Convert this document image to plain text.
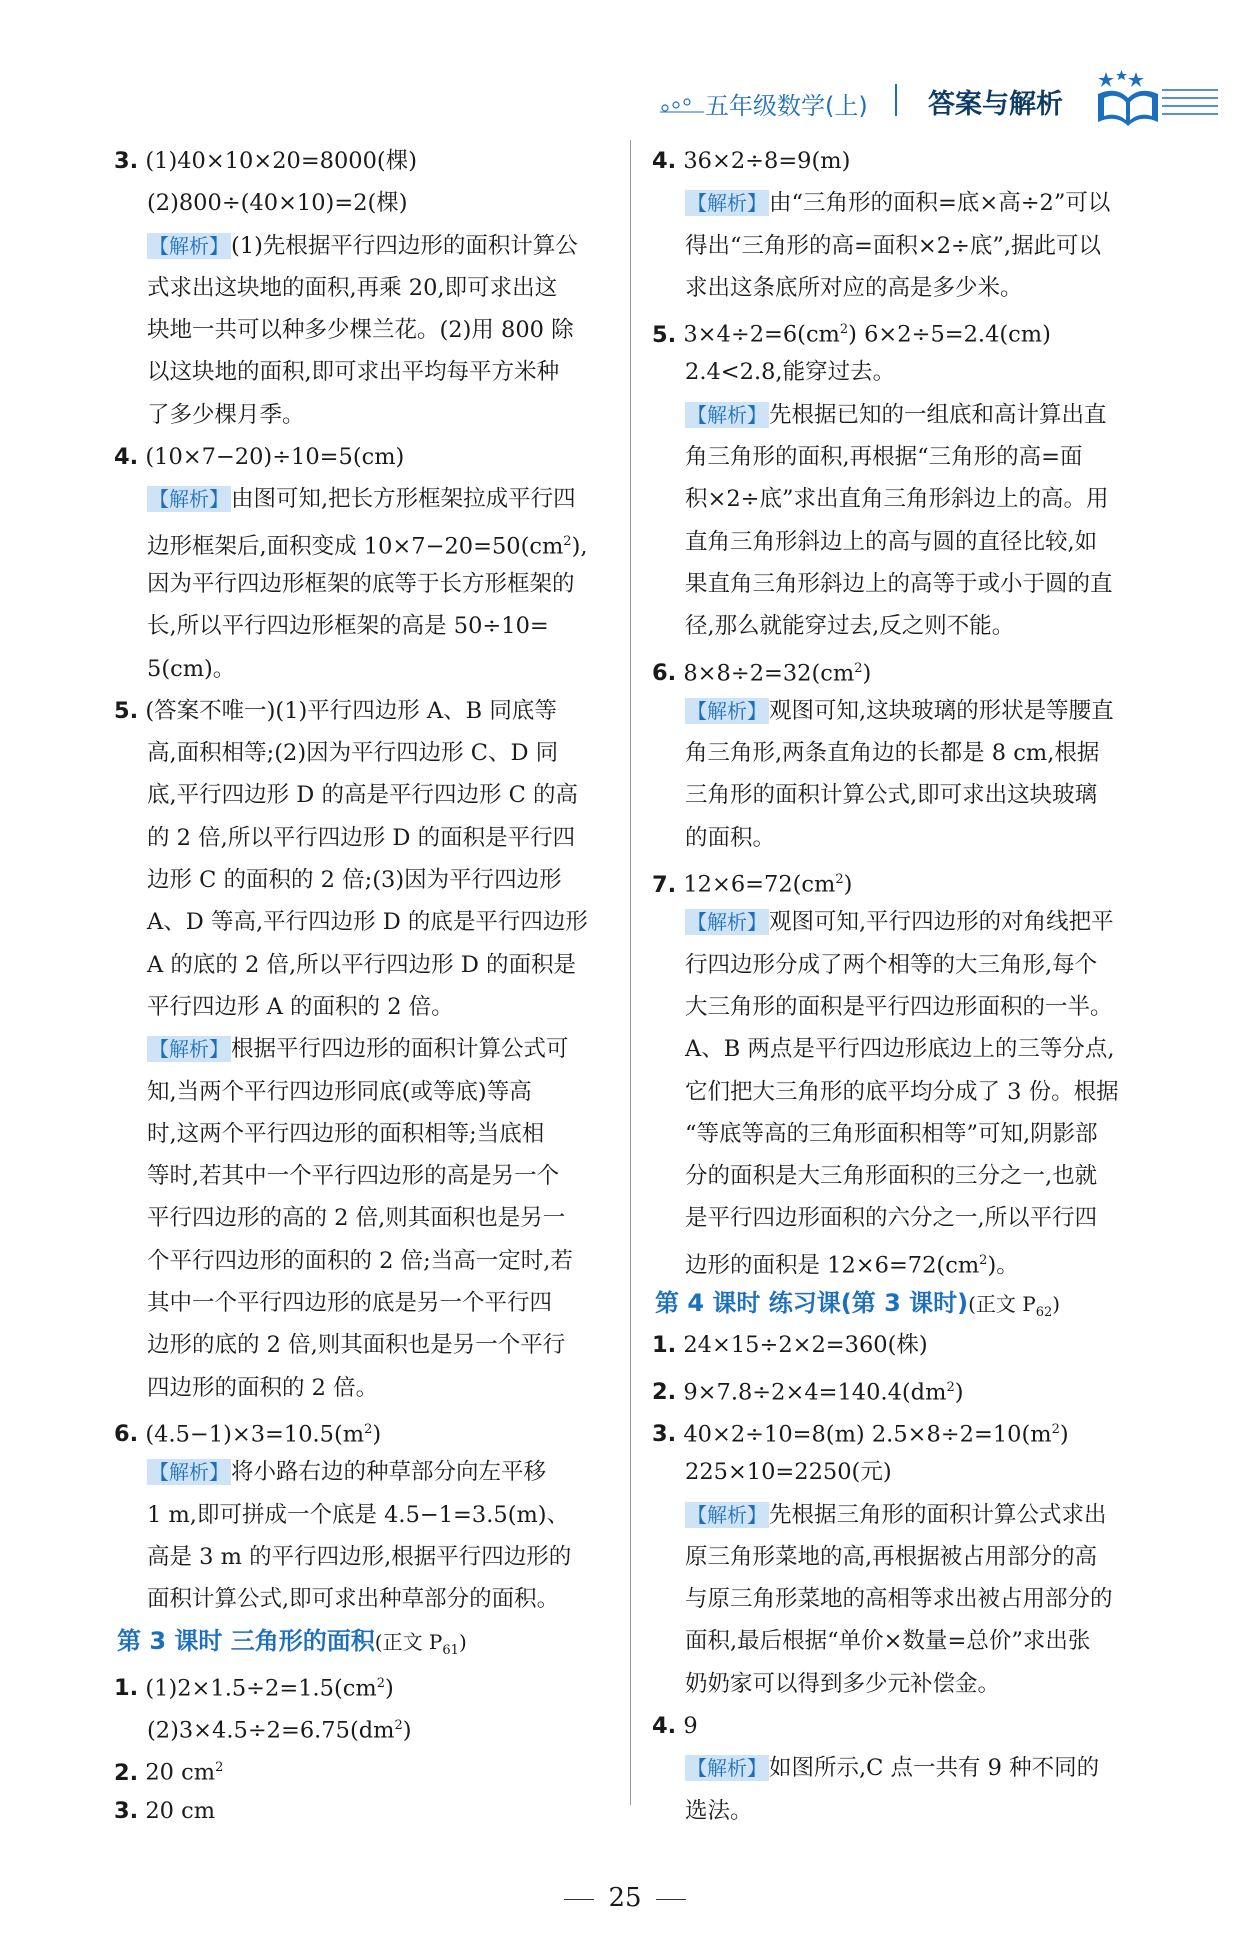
五年级数学(上) 答案与解析
3. (1)40×10×20=8000(棵)
(2)800÷(40×10)=2(棵)
【解析】(1)先根据平行四边形的面积计算公
式求出这块地的面积,再乘 20,即可求出这
块地一共可以种多少棵兰花。(2)用 800 除
以这块地的面积,即可求出平均每平方米种
了多少棵月季。
4. (10×7−20)÷10=5(cm)
【解析】由图可知,把长方形框架拉成平行四
边形框架后,面积变成 $10\times 7-20=50(cm^2)$,
因为平行四边形框架的底等于长方形框架的
长,所以平行四边形框架的高是 50÷10=
5(cm)。
5. (答案不唯一)(1)平行四边形 A、B 同底等
高,面积相等;(2)因为平行四边形 C、D 同
底,平行四边形 D 的高是平行四边形 C 的高
的 2 倍,所以平行四边形 D 的面积是平行四
边形 C 的面积的 2 倍;(3)因为平行四边形
A、D 等高,平行四边形 D 的底是平行四边形
A 的底的 2 倍,所以平行四边形 D 的面积是
平行四边形 A 的面积的 2 倍。
【解析】根据平行四边形的面积计算公式可
知,当两个平行四边形同底(或等底)等高
时,这两个平行四边形的面积相等;当底相
等时,若其中一个平行四边形的高是另一个
平行四边形的高的 2 倍,则其面积也是另一
个平行四边形的面积的 2 倍;当高一定时,若
其中一个平行四边形的底是另一个平行四
边形的底的 2 倍,则其面积也是另一个平行
四边形的面积的 2 倍。
6. $(4.5-1)\times 3=10.5(m^2)$
【解析】将小路右边的种草部分向左平移
1 m,即可拼成一个底是 4.5−1=3.5(m)、
高是 3 m 的平行四边形,根据平行四边形的
面积计算公式,即可求出种草部分的面积。
第 3 课时 三角形的面积(正文 $P_{61}$)
1. $(1)2\times 1.5\div 2=1.5(cm^2)$
$(2)3\times 4.5\div 2=6.75(dm^2)$
2. 20 $cm^2$
3. 20 cm
4. 36×2÷8=9(m)
【解析】由“三角形的面积=底×高÷2”可以
得出“三角形的高=面积×2÷底”,据此可以
求出这条底所对应的高是多少米。
5. $3\times 4\div 2=6(cm^2)$ 6×2÷5=2.4(cm)
2.4<2.8,能穿过去。
【解析】先根据已知的一组底和高计算出直
角三角形的面积,再根据“三角形的高=面
积×2÷底”求出直角三角形斜边上的高。用
直角三角形斜边上的高与圆的直径比较,如
果直角三角形斜边上的高等于或小于圆的直
径,那么就能穿过去,反之则不能。
6. $8\times 8\div 2=32(cm^2)$
【解析】观图可知,这块玻璃的形状是等腰直
角三角形,两条直角边的长都是 8 cm,根据
三角形的面积计算公式,即可求出这块玻璃
的面积。
7. $12\times 6=72(cm^2)$
【解析】观图可知,平行四边形的对角线把平
行四边形分成了两个相等的大三角形,每个
大三角形的面积是平行四边形面积的一半。
A、B 两点是平行四边形底边上的三等分点,
它们把大三角形的底平均分成了 3 份。根据
“等底等高的三角形面积相等”可知,阴影部
分的面积是大三角形面积的三分之一,也就
是平行四边形面积的六分之一,所以平行四
边形的面积是 $12\times 6=72(cm^2)$。
第 4 课时 练习课(第 3 课时)(正文 $P_{62}$)
1. 24×15÷2×2=360(株)
2. $9\times 7.8\div 2\times 4=140.4(dm^2)$
3. 40×2÷10=8(m) $2.5\times 8\div 2=10(m^2)$
225×10=2250(元)
【解析】先根据三角形的面积计算公式求出
原三角形菜地的高,再根据被占用部分的高
与原三角形菜地的高相等求出被占用部分的
面积,最后根据“单价×数量=总价”求出张
奶奶家可以得到多少元补偿金。
4. 9
【解析】如图所示,C 点一共有 9 种不同的
选法。
25
